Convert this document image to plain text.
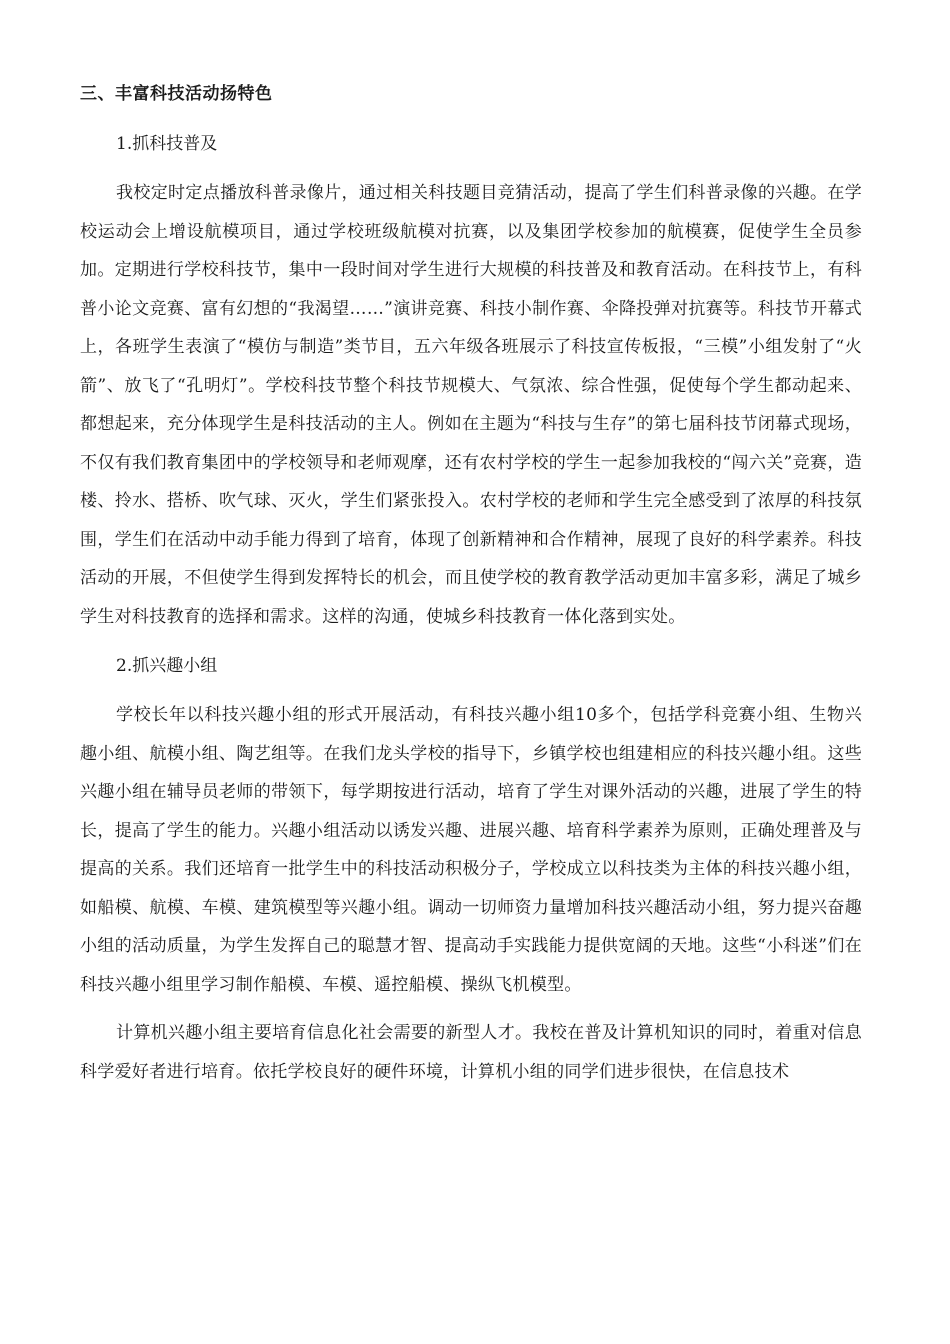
三、丰富科技活动扬特色
1.抓科技普及

我校定时定点播放科普录像片，通过相关科技题目竞猜活动，提高了学生们科普录像的兴趣。在学校运动会上增设航模项目，通过学校班级航模对抗赛，以及集团学校参加的航模赛，促使学生全员参加。定期进行学校科技节，集中一段时间对学生进行大规模的科技普及和教育活动。在科技节上，有科普小论文竞赛、富有幻想的“我渴望……”演讲竞赛、科技小制作赛、伞降投弹对抗赛等。科技节开幕式上，各班学生表演了“模仿与制造”类节目，五六年级各班展示了科技宣传板报，“三模”小组发射了“火箭”、放飞了“孔明灯”。学校科技节整个科技节规模大、气氛浓、综合性强，促使每个学生都动起来、都想起来，充分体现学生是科技活动的主人。例如在主题为“科技与生存”的第七届科技节闭幕式现场，不仅有我们教育集团中的学校领导和老师观摩，还有农村学校的学生一起参加我校的“闯六关”竞赛，造楼、拎水、搭桥、吹气球、灭火，学生们紧张投入。农村学校的老师和学生完全感受到了浓厚的科技氛围，学生们在活动中动手能力得到了培育，体现了创新精神和合作精神，展现了良好的科学素养。科技活动的开展，不但使学生得到发挥特长的机会，而且使学校的教育教学活动更加丰富多彩，满足了城乡学生对科技教育的选择和需求。这样的沟通，使城乡科技教育一体化落到实处。

2.抓兴趣小组

学校长年以科技兴趣小组的形式开展活动，有科技兴趣小组10多个，包括学科竞赛小组、生物兴趣小组、航模小组、陶艺组等。在我们龙头学校的指导下，乡镇学校也组建相应的科技兴趣小组。这些兴趣小组在辅导员老师的带领下，每学期按进行活动，培育了学生对课外活动的兴趣，进展了学生的特长，提高了学生的能力。兴趣小组活动以诱发兴趣、进展兴趣、培育科学素养为原则，正确处理普及与提高的关系。我们还培育一批学生中的科技活动积极分子，学校成立以科技类为主体的科技兴趣小组，如船模、航模、车模、建筑模型等兴趣小组。调动一切师资力量增加科技兴趣活动小组，努力提兴奋趣小组的活动质量，为学生发挥自己的聪慧才智、提高动手实践能力提供宽阔的天地。这些“小科迷”们在科技兴趣小组里学习制作船模、车模、遥控船模、操纵飞机模型。

计算机兴趣小组主要培育信息化社会需要的新型人才。我校在普及计算机知识的同时，着重对信息科学爱好者进行培育。依托学校良好的硬件环境，计算机小组的同学们进步很快，在信息技术
